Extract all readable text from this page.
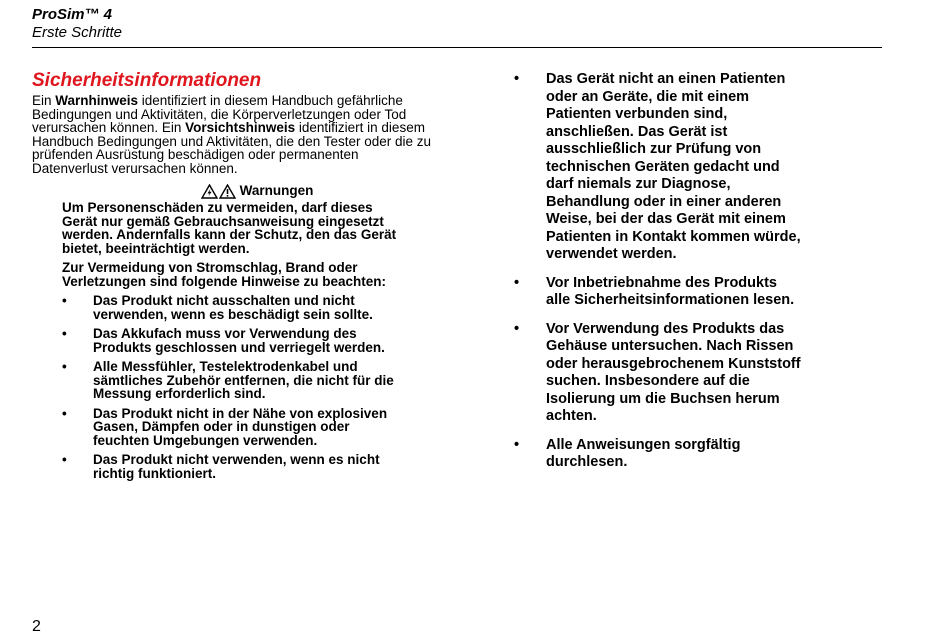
ProSim™ 4
Erste Schritte
Sicherheitsinformationen

Ein Warnhinweis identifiziert in diesem Handbuch gefährliche Bedingungen und Aktivitäten, die Körperverletzungen oder Tod verursachen können. Ein Vorsichtshinweis identifiziert in diesem Handbuch Bedingungen und Aktivitäten, die den Tester oder die zu prüfenden Ausrüstung beschädigen oder permanenten Datenverlust verursachen können.

Warnungen

Um Personenschäden zu vermeiden, darf dieses Gerät nur gemäß Gebrauchsanweisung eingesetzt werden. Andernfalls kann der Schutz, den das Gerät bietet, beeinträchtigt werden.

Zur Vermeidung von Stromschlag, Brand oder Verletzungen sind folgende Hinweise zu beachten:

• Das Produkt nicht ausschalten und nicht verwenden, wenn es beschädigt sein sollte.
• Das Akkufach muss vor Verwendung des Produkts geschlossen und verriegelt werden.
• Alle Messfühler, Testelektrodenkabel und sämtliches Zubehör entfernen, die nicht für die Messung erforderlich sind.
• Das Produkt nicht in der Nähe von explosiven Gasen, Dämpfen oder in dunstigen oder feuchten Umgebungen verwenden.
• Das Produkt nicht verwenden, wenn es nicht richtig funktioniert.
• Das Gerät nicht an einen Patienten oder an Geräte, die mit einem Patienten verbunden sind, anschließen. Das Gerät ist ausschließlich zur Prüfung von technischen Geräten gedacht und darf niemals zur Diagnose, Behandlung oder in einer anderen Weise, bei der das Gerät mit einem Patienten in Kontakt kommen würde, verwendet werden.
• Vor Inbetriebnahme des Produkts alle Sicherheitsinformationen lesen.
• Vor Verwendung des Produkts das Gehäuse untersuchen. Nach Rissen oder herausgebrochenem Kunststoff suchen. Insbesondere auf die Isolierung um die Buchsen herum achten.
• Alle Anweisungen sorgfältig durchlesen.
2
